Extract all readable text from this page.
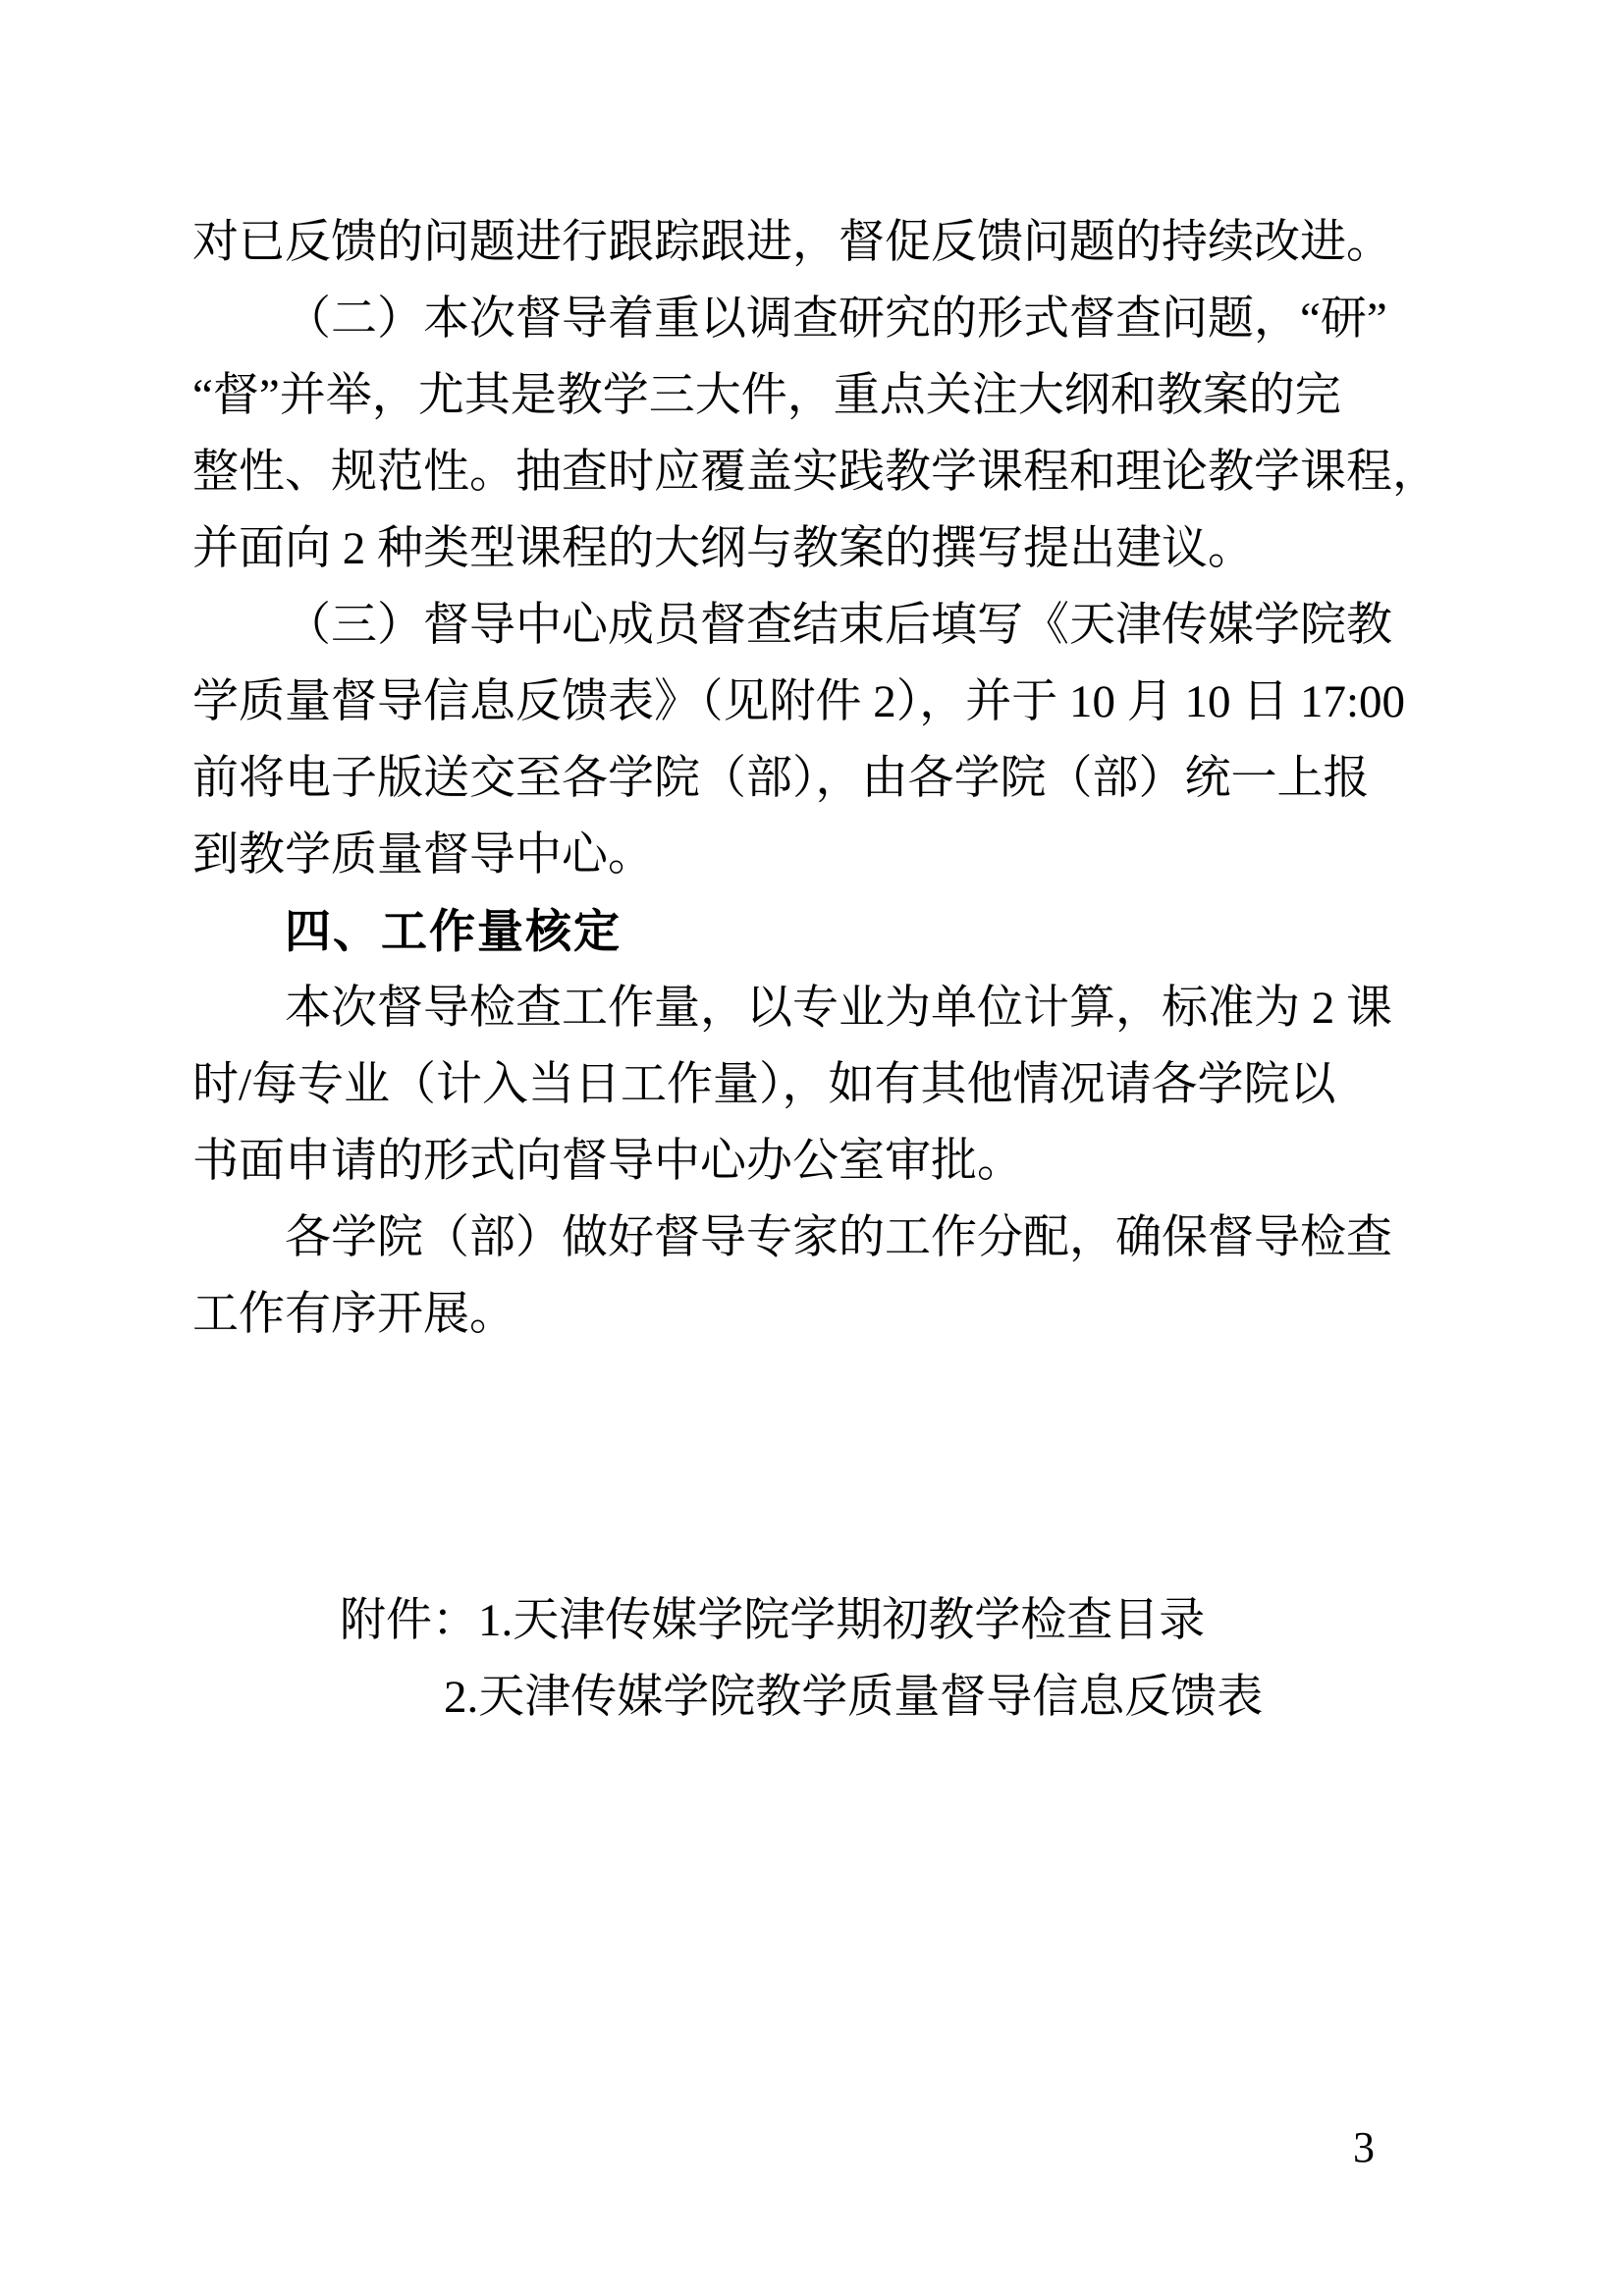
对已反馈的问题进行跟踪跟进，督促反馈问题的持续改进。
（二）本次督导着重以调查研究的形式督查问题，“研”
“督”并举，尤其是教学三大件，重点关注大纲和教案的完
整性、规范性。抽查时应覆盖实践教学课程和理论教学课程，
并面向 2 种类型课程的大纲与教案的撰写提出建议。
（三）督导中心成员督查结束后填写《天津传媒学院教
学质量督导信息反馈表》（见附件 2），并于 10 月 10 日 17:00
前将电子版送交至各学院（部），由各学院（部）统一上报
到教学质量督导中心。
四、工作量核定
本次督导检查工作量，以专业为单位计算，标准为 2 课
时/每专业（计入当日工作量），如有其他情况请各学院以
书面申请的形式向督导中心办公室审批。
各学院（部）做好督导专家的工作分配，确保督导检查
工作有序开展。
附件：1.天津传媒学院学期初教学检查目录
2.天津传媒学院教学质量督导信息反馈表
3
